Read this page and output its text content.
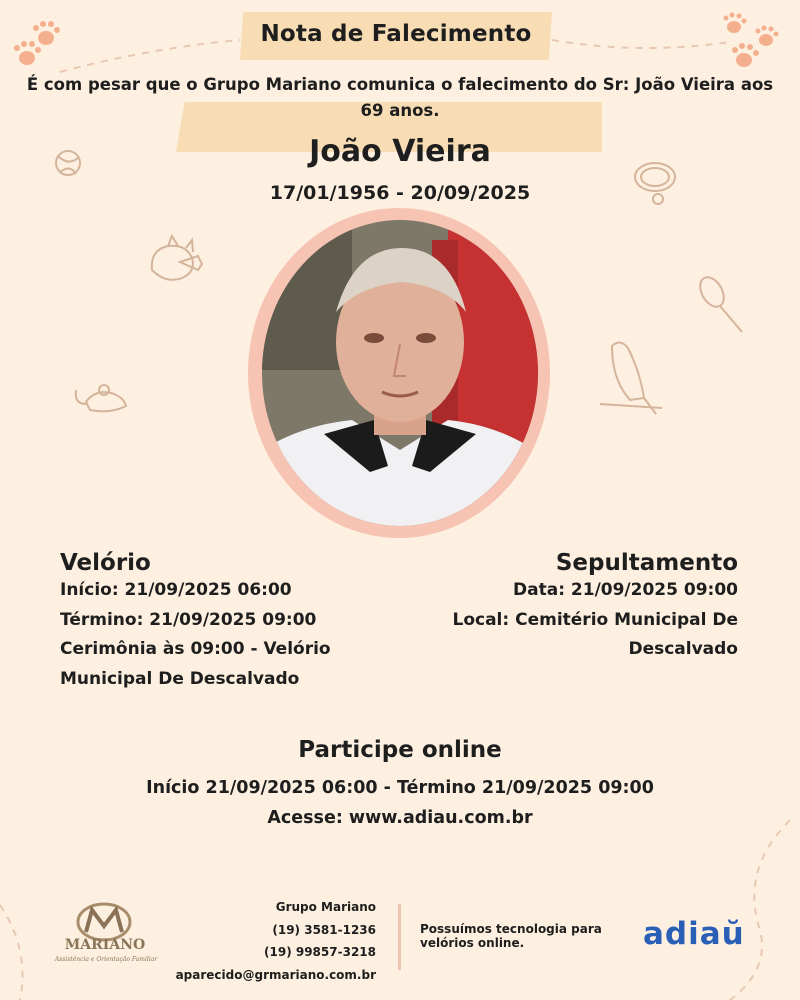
Nota de Falecimento
É com pesar que o Grupo Mariano comunica o falecimento do Sr: João Vieira aos 69 anos.
João Vieira
17/01/1956 - 20/09/2025
Velório
Início: 21/09/2025 06:00
Término: 21/09/2025 09:00
Cerimônia às 09:00 - Velório
Municipal De Descalvado
Sepultamento
Data: 21/09/2025 09:00
Local: Cemitério Municipal De
Descalvado
Participe online
Início 21/09/2025 06:00 - Término 21/09/2025 09:00
Acesse: www.adiau.com.br
MARIANO
Assistência e Orientação Familiar
Grupo Mariano
(19) 3581-1236
(19) 99857-3218
aparecido@grmariano.com.br
Possuímos tecnologia para velórios online.	adiaŭ
